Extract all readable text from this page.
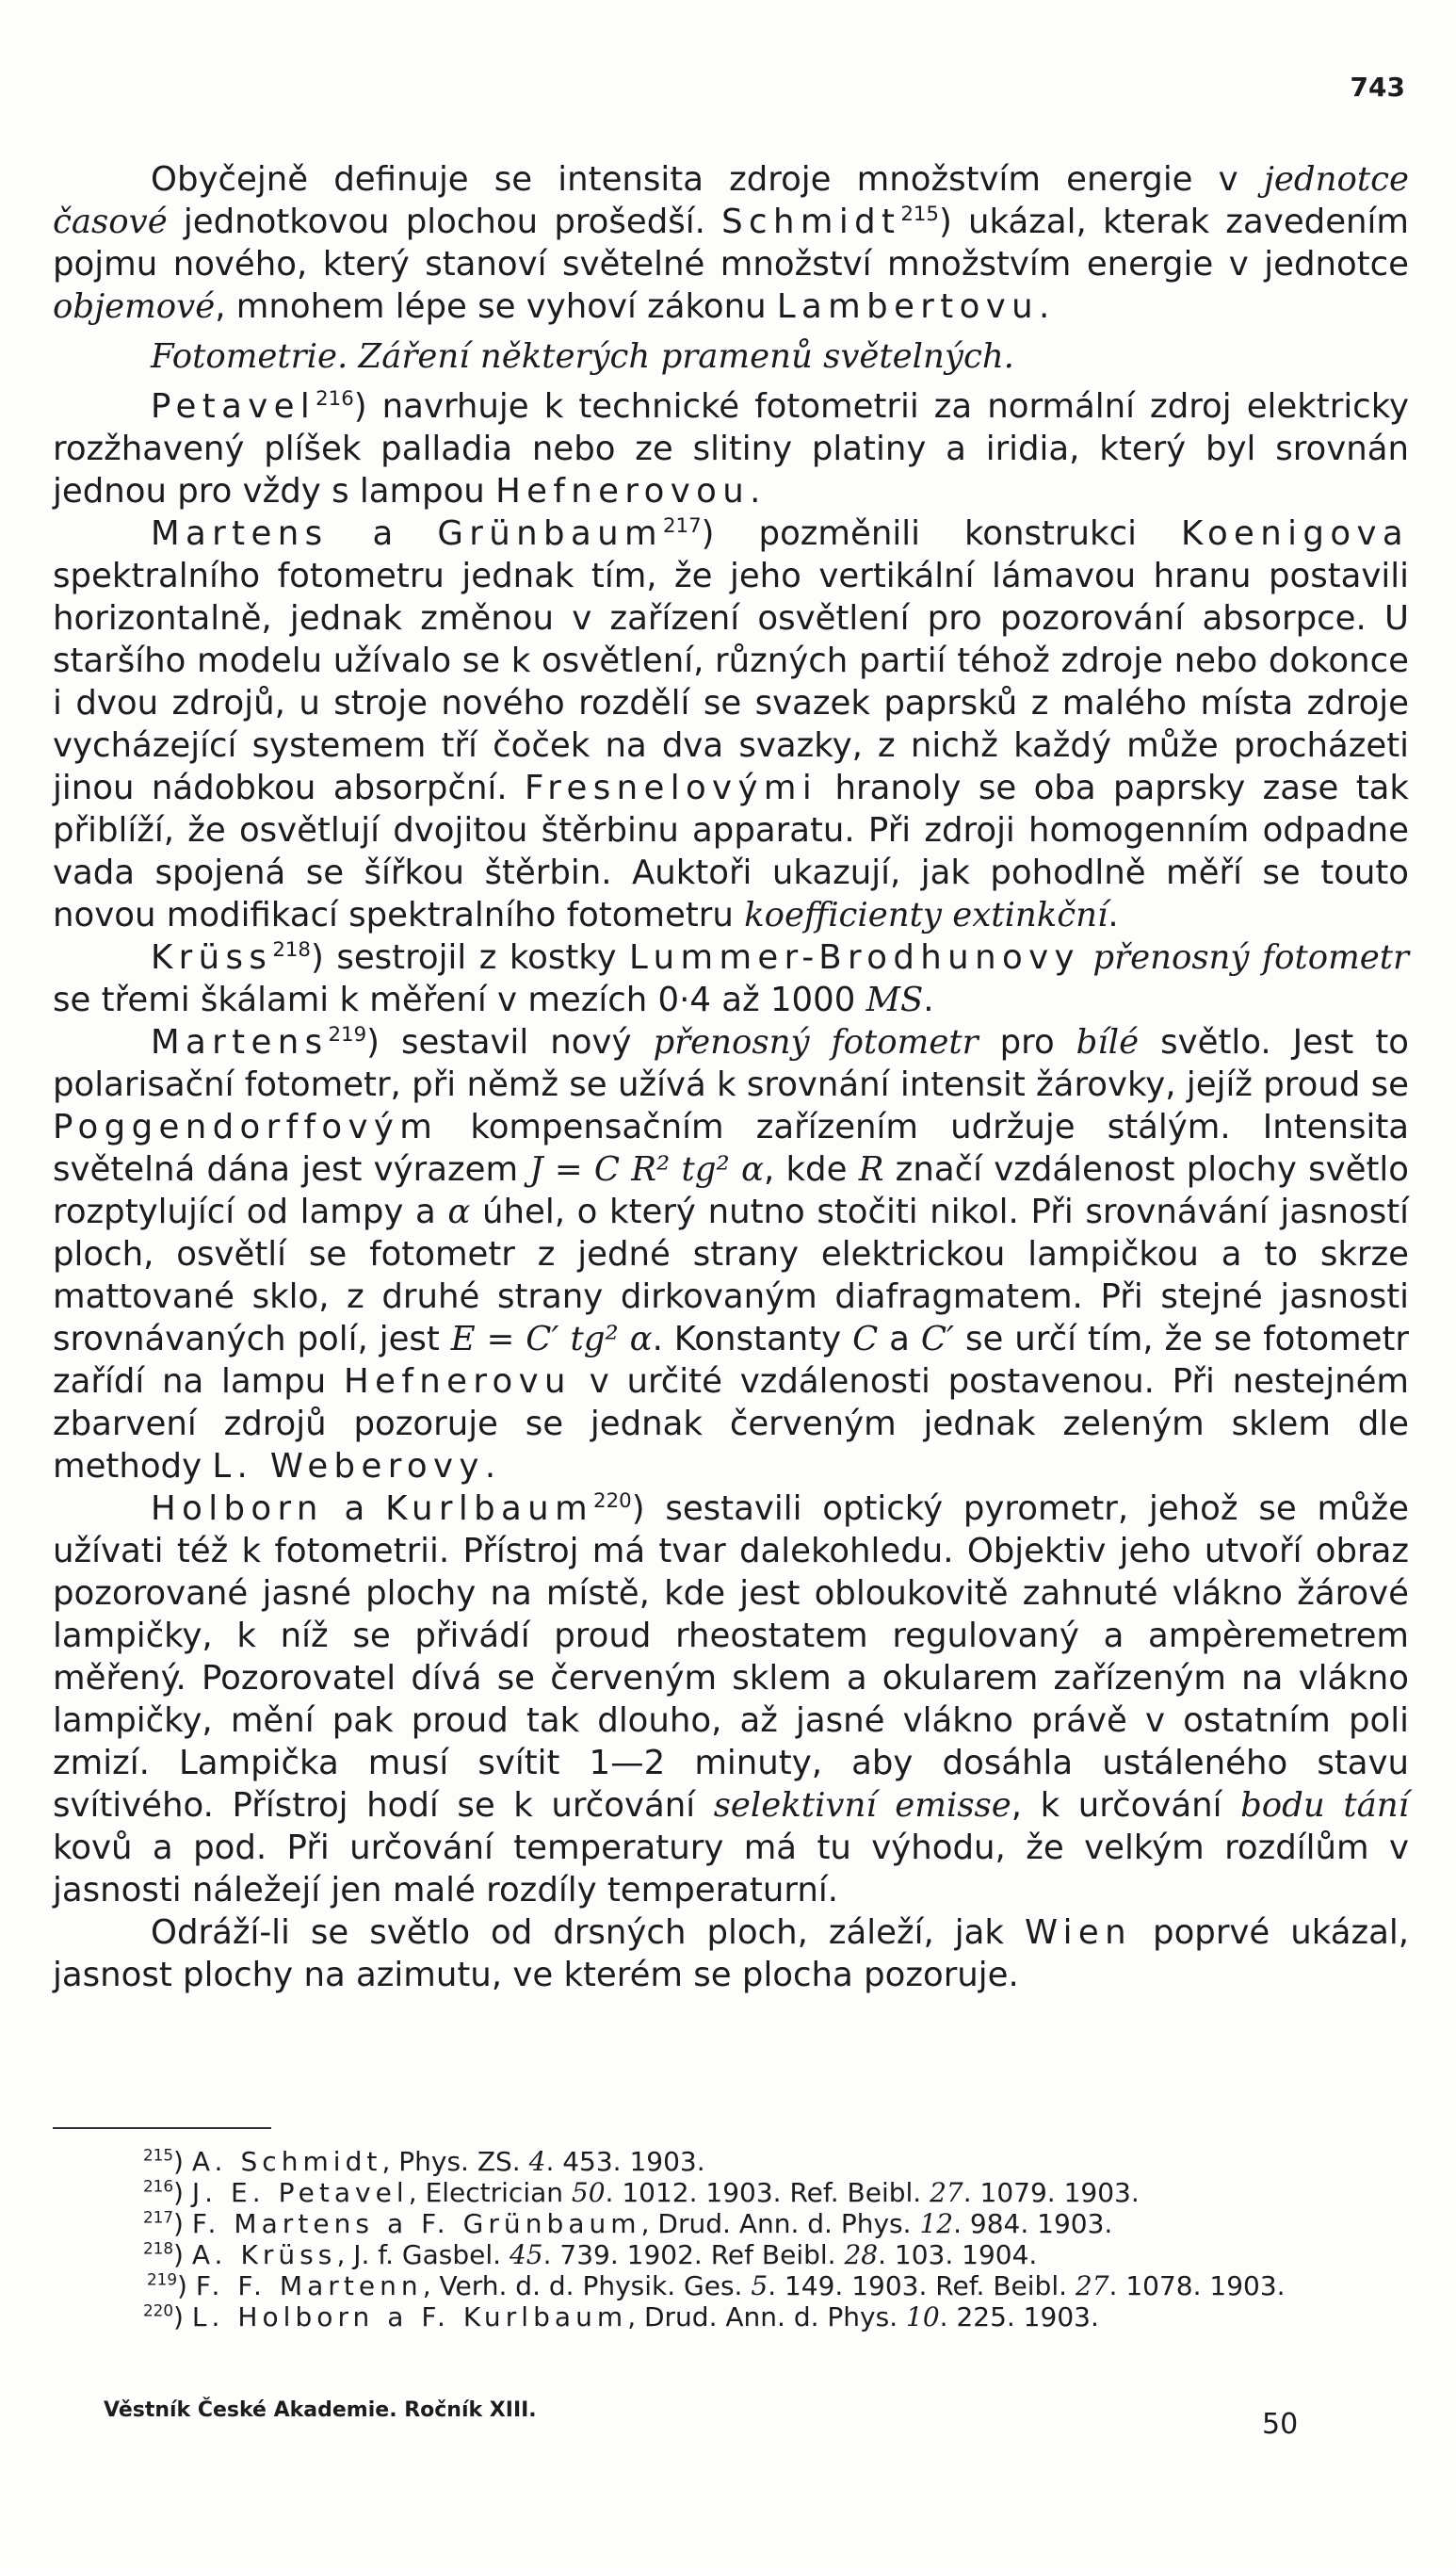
743

Obyčejně definuje se intensita zdroje množstvím energie v jednotce časové jednotkovou plochou prošedší. Schmidt$^{215}$) ukázal, kterak zavedením pojmu nového, který stanoví světelné množství množstvím energie v jednotce objemové, mnohem lépe se vyhoví zákonu Lambertovu.

Fotometrie. Záření některých pramenů světelných.

Petavel$^{216}$) navrhuje k technické fotometrii za normální zdroj elektricky rozžhavený plíšek palladia nebo ze slitiny platiny a iridia, který byl srovnán jednou pro vždy s lampou Hefnerovou.

Martens a Grünbaum$^{217}$) pozměnili konstrukci Koenigova spektralního fotometru jednak tím, že jeho vertikální lámavou hranu postavili horizontalně, jednak změnou v zařízení osvětlení pro pozorování absorpce. U staršího modelu užívalo se k osvětlení, různých partií téhož zdroje nebo dokonce i dvou zdrojů, u stroje nového rozdělí se svazek paprsků z malého místa zdroje vycházející systemem tří čoček na dva svazky, z nichž každý může procházeti jinou nádobkou absorpční. Fresnelovými hranoly se oba paprsky zase tak přiblíží, že osvětlují dvojitou štěrbinu apparatu. Při zdroji homogenním odpadne vada spojená se šířkou štěrbin. Auktoři ukazují, jak pohodlně měří se touto novou modifikací spektralního fotometru koefficienty extinkční.

Krüss$^{218}$) sestrojil z kostky Lummer-Brodhunovy přenosný fotometr se třemi škálami k měření v mezích 0·4 až 1000 MS.

Martens$^{219}$) sestavil nový přenosný fotometr pro bílé světlo. Jest to polarisační fotometr, při němž se užívá k srovnání intensit žárovky, jejíž proud se Poggendorffovým kompensačním zařízením udržuje stálým. Intensita světelná dána jest výrazem J = C R² tg² α, kde R značí vzdálenost plochy světlo rozptylující od lampy a α úhel, o který nutno stočiti nikol. Při srovnávání jasností ploch, osvětlí se fotometr z jedné strany elektrickou lampičkou a to skrze mattované sklo, z druhé strany dirkovaným diafragmatem. Při stejné jasnosti srovnávaných polí, jest E = C′ tg² α. Konstanty C a C′ se určí tím, že se fotometr zařídí na lampu Hefnerovu v určité vzdálenosti postavenou. Při nestejném zbarvení zdrojů pozoruje se jednak červeným jednak zeleným sklem dle methody L. Weberovy.

Holborn a Kurlbaum$^{220}$) sestavili optický pyrometr, jehož se může užívati též k fotometrii. Přístroj má tvar dalekohledu. Objektiv jeho utvoří obraz pozorované jasné plochy na místě, kde jest obloukovitě zahnuté vlákno žárové lampičky, k níž se přivádí proud rheostatem regulovaný a ampèremetrem měřený. Pozorovatel dívá se červeným sklem a okularem zařízeným na vlákno lampičky, mění pak proud tak dlouho, až jasné vlákno právě v ostatním poli zmizí. Lampička musí svítit 1—2 minuty, aby dosáhla ustáleného stavu svítivého. Přístroj hodí se k určování selektivní emisse, k určování bodu tání kovů a pod. Při určování temperatury má tu výhodu, že velkým rozdílům v jasnosti náležejí jen malé rozdíly temperaturní.

Odráží-li se světlo od drsných ploch, záleží, jak Wien poprvé ukázal, jasnost plochy na azimutu, ve kterém se plocha pozoruje.

$^{215}$) A. Schmidt, Phys. ZS. 4. 453. 1903.
$^{216}$) J. E. Petavel, Electrician 50. 1012. 1903. Ref. Beibl. 27. 1079. 1903.
$^{217}$) F. Martens a F. Grünbaum, Drud. Ann. d. Phys. 12. 984. 1903.
$^{218}$) A. Krüss, J. f. Gasbel. 45. 739. 1902. Ref Beibl. 28. 103. 1904.
$^{219}$) F. F. Martenn, Verh. d. d. Physik. Ges. 5. 149. 1903. Ref. Beibl. 27. 1078. 1903.
$^{220}$) L. Holborn a F. Kurlbaum, Drud. Ann. d. Phys. 10. 225. 1903.
Věstník České Akademie. Ročník XIII.	50
